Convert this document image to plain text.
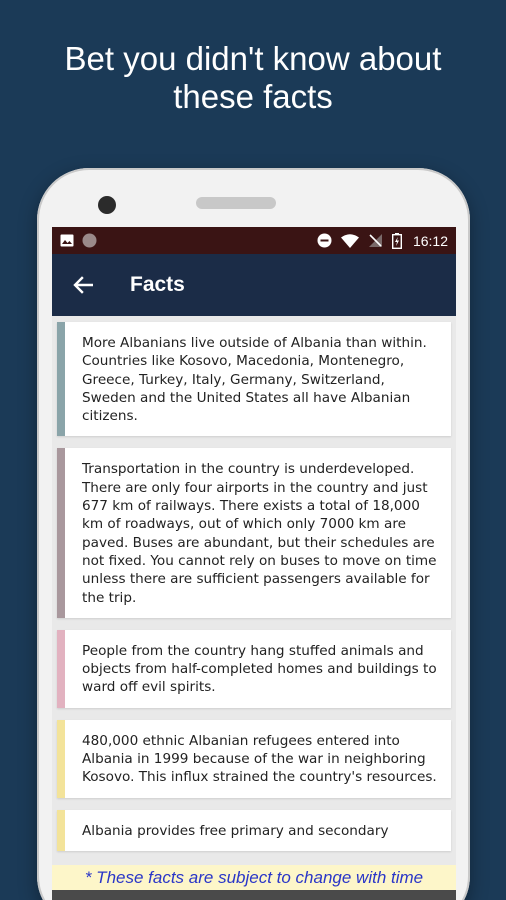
Bet you didn't know about
these facts
16:12
Facts
More Albanians live outside of Albania than within. Countries like Kosovo, Macedonia, Montenegro, Greece, Turkey, Italy, Germany, Switzerland, Sweden and the United States all have Albanian citizens.
Transportation in the country is underdeveloped. There are only four airports in the country and just 677 km of railways. There exists a total of 18,000 km of roadways, out of which only 7000 km are paved. Buses are abundant, but their schedules are not fixed. You cannot rely on buses to move on time unless there are sufficient passengers available for the trip.
People from the country hang stuffed animals and objects from half-completed homes and buildings to ward off evil spirits.
480,000 ethnic Albanian refugees entered into Albania in 1999 because of the war in neighboring Kosovo. This influx strained the country's resources.
Albania provides free primary and secondary
* These facts are subject to change with time
